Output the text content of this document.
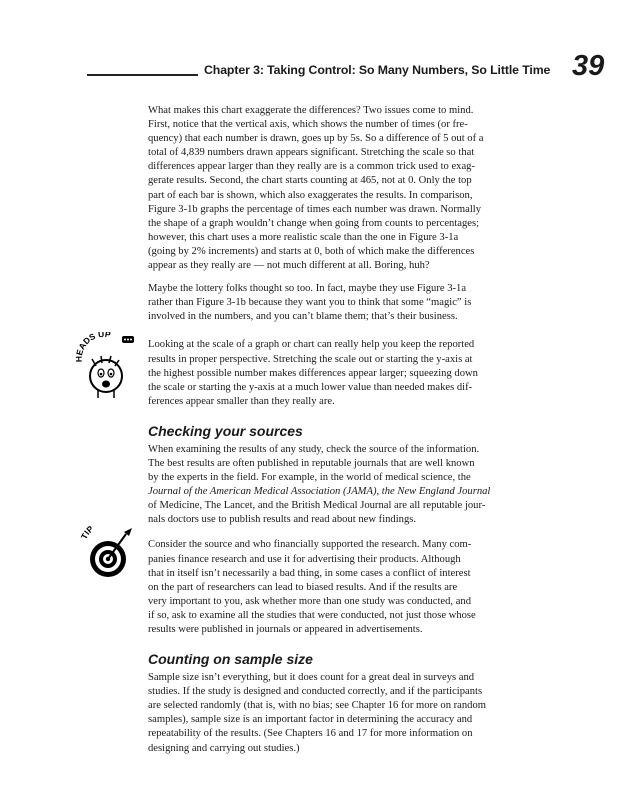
Chapter 3: Taking Control: So Many Numbers, So Little Time 39
ADS UP
IP

What makes this chart exaggerate the differences? Two issues come to mind.
First, notice that the vertical axis, which shows the number of times (or fre-
quency) that each number is drawn, goes up by 5s. So a difference of 5 out of a
total of 4,839 numbers drawn appears significant. Stretching the scale so that
differences appear larger than they really are is a common trick used to exag-
gerate results. Second, the chart starts counting at 465, not at 0. Only the top
part of each bar is shown, which also exaggerates the results. In comparison,
Figure 3-1b graphs the percentage of times each number was drawn. Normally
the shape of a graph wouldn’t change when going from counts to percentages;
however, this chart uses a more realistic scale than the one in Figure 3-1a
(going by 2% increments) and starts at 0, both of which make the differences
appear as they really are — not much different at all. Boring, huh?

Maybe the lottery folks thought so too. In fact, maybe they use Figure 3-1a
rather than Figure 3-1b because they want you to think that some “magic” is
involved in the numbers, and you can’t blame them; that’s their business.

Looking at the scale of a graph or chart can really help you keep the reported
results in proper perspective. Stretching the scale out or starting the y-axis at
the highest possible number makes differences appear larger; squeezing down
the scale or starting the y-axis at a much lower value than needed makes dif-
ferences appear smaller than they really are.

Checking your sources

When examining the results of any study, check the source of the information.
The best results are often published in reputable journals that are well known
by the experts in the field. For example, in the world of medical science, the
Journal of the American Medical Association (JAMA), the New England Journal
of Medicine, The Lancet, and the British Medical Journal are all reputable jour-
nals doctors use to publish results and read about new findings.

Consider the source and who financially supported the research. Many com-
panies finance research and use it for advertising their products. Although
that in itself isn’t necessarily a bad thing, in some cases a conflict of interest
on the part of researchers can lead to biased results. And if the results are
very important to you, ask whether more than one study was conducted, and
if so, ask to examine all the studies that were conducted, not just those whose
results were published in journals or appeared in advertisements.

Counting on sample size

Sample size isn’t everything, but it does count for a great deal in surveys and
studies. If the study is designed and conducted correctly, and if the participants
are selected randomly (that is, with no bias; see Chapter 16 for more on random
samples), sample size is an important factor in determining the accuracy and
repeatability of the results. (See Chapters 16 and 17 for more information on
designing and carrying out studies.)
